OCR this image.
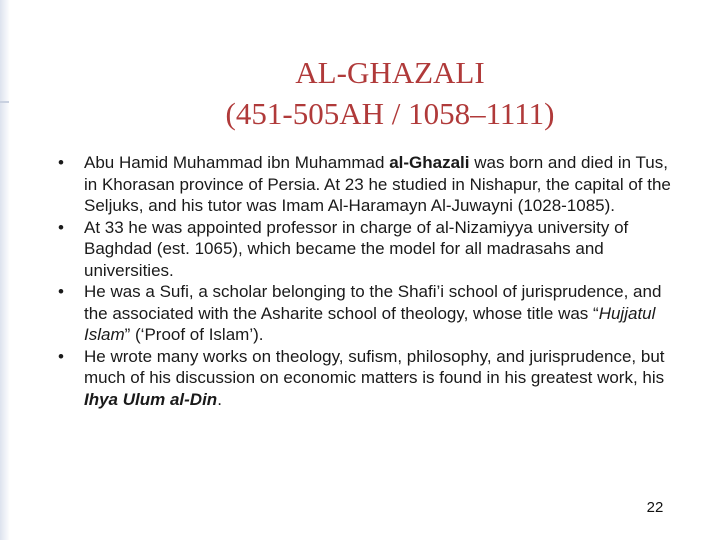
AL-GHAZALI
(451-505AH / 1058–1111)
•	Abu Hamid Muhammad ibn Muhammad al-Ghazali was born and died in Tus, in Khorasan province of Persia. At 23 he studied in Nishapur, the capital of the Seljuks, and his tutor was Imam Al-Haramayn Al-Juwayni (1028-1085).
•	At 33 he was appointed professor in charge of al-Nizamiyya university of Baghdad (est. 1065), which became the model for all madrasahs and universities.
•	He was a Sufi, a scholar belonging to the Shafi’i school of jurisprudence, and the associated with the Asharite school of theology, whose title was “Hujjatul Islam” (‘Proof of Islam’).
•	He wrote many works on theology, sufism, philosophy, and jurisprudence, but much of his discussion on economic matters is found in his greatest work, his Ihya Ulum al-Din.
22
